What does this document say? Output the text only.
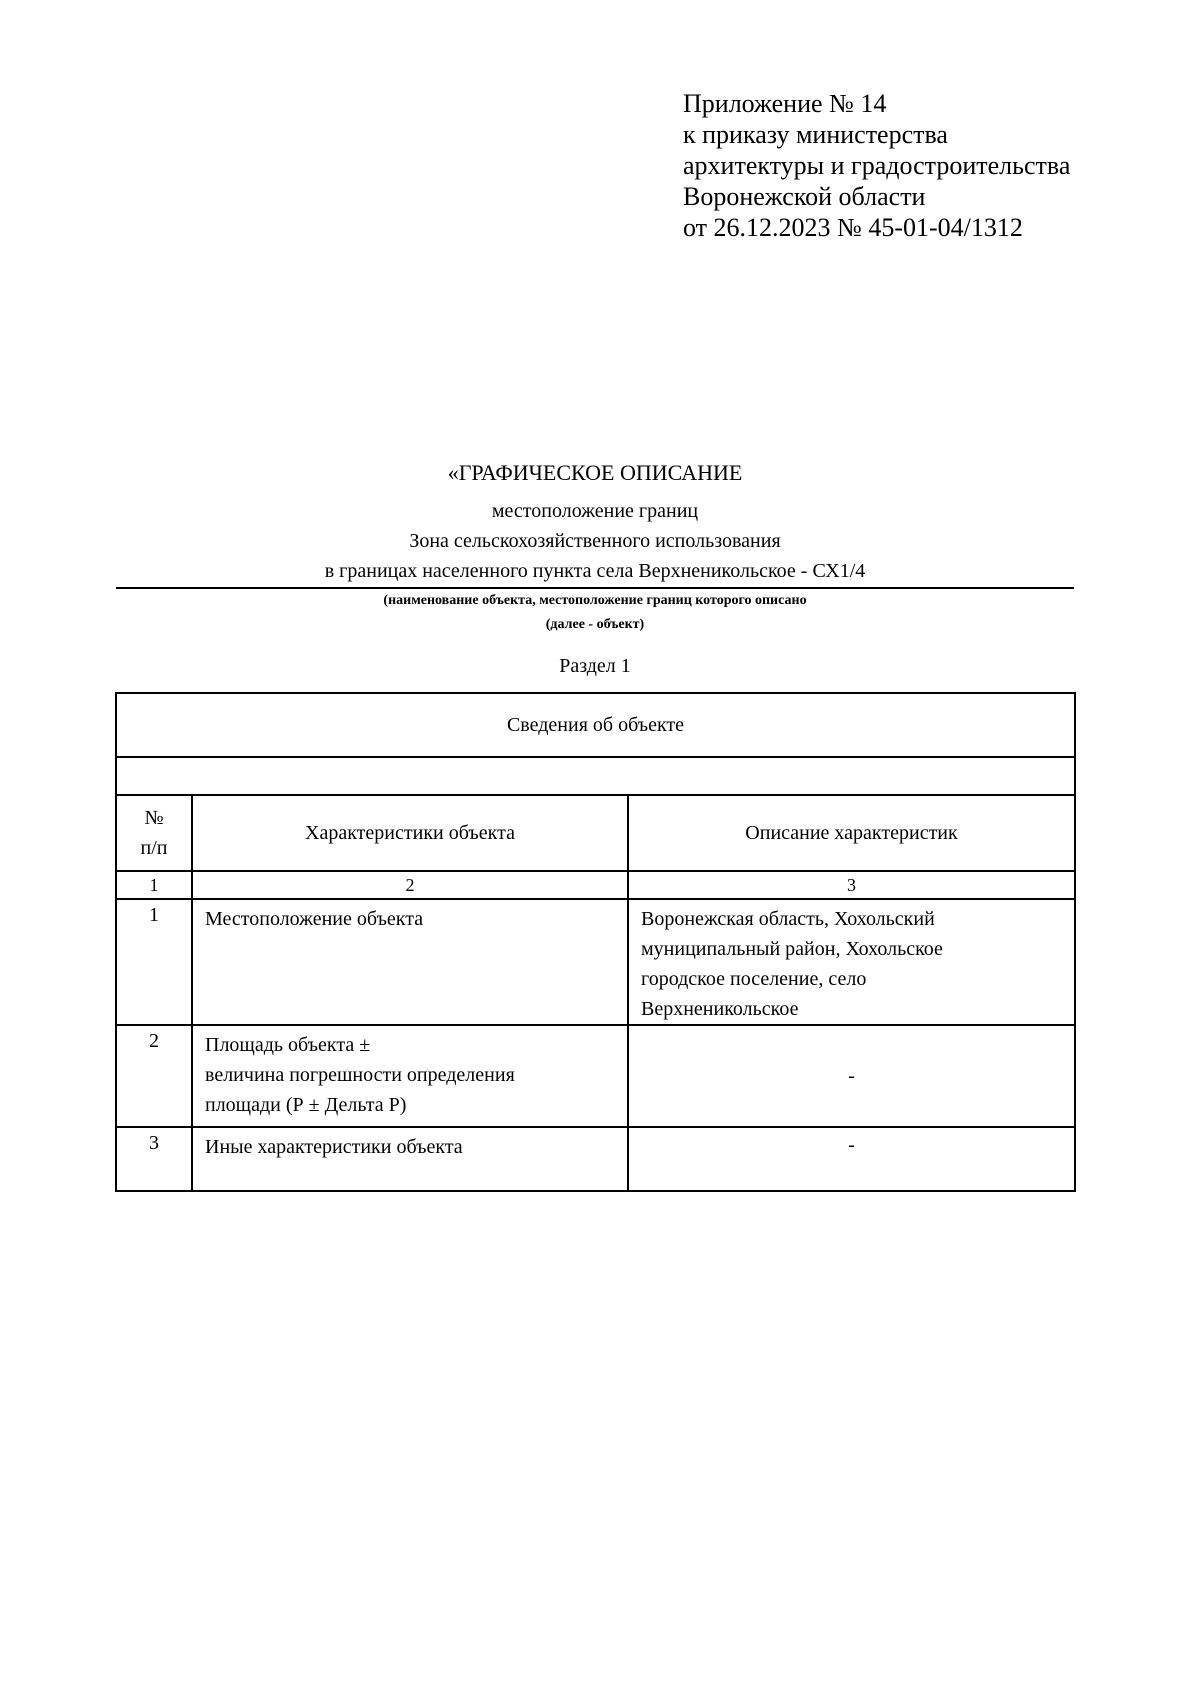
Приложение № 14
к приказу министерства
архитектуры и градостроительства
Воронежской области
от 26.12.2023 № 45-01-04/1312
«ГРАФИЧЕСКОЕ ОПИСАНИЕ
местоположение границ
Зона сельскохозяйственного использования
в границах населенного пункта села Верхненикольское - СХ1/4
(наименование объекта, местоположение границ которого описано
(далее - объект)
Раздел 1
Сведения об объекте		

№
п/п	Характеристики объекта	Описание характеристик
1	2	3
1	Местоположение объекта	Воронежская область, Хохольский
муниципальный район, Хохольское
городское поселение, село
Верхненикольское

2	Площадь объекта ±
величина погрешности определения
площади (Р ± Дельта Р)	-
3	Иные характеристики объекта	-
